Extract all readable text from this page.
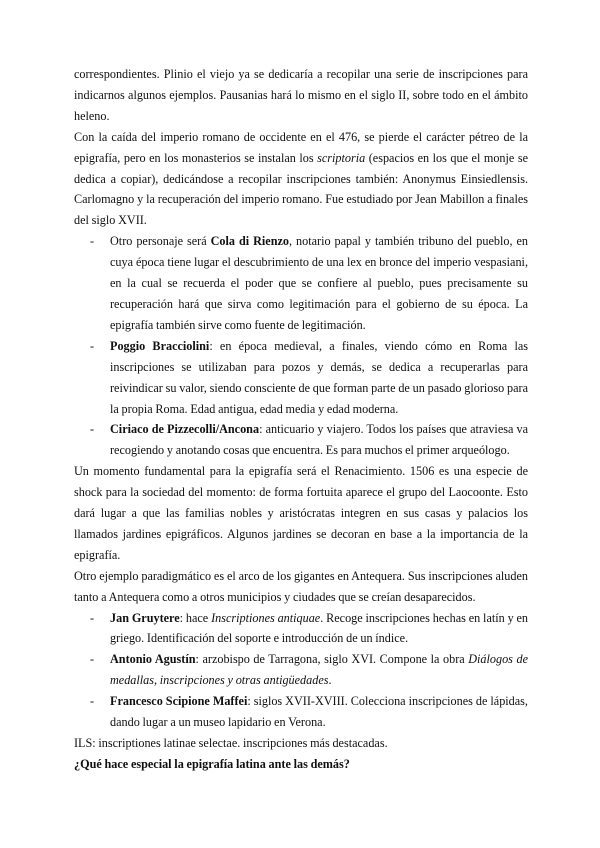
correspondientes. Plinio el viejo ya se dedicaría a recopilar una serie de inscripciones para indicarnos algunos ejemplos. Pausanias hará lo mismo en el siglo II, sobre todo en el ámbito heleno.

Con la caída del imperio romano de occidente en el 476, se pierde el carácter pétreo de la epigrafía, pero en los monasterios se instalan los scriptoria (espacios en los que el monje se dedica a copiar), dedicándose a recopilar inscripciones también: Anonymus Einsiedlensis. Carlomagno y la recuperación del imperio romano. Fue estudiado por Jean Mabillon a finales del siglo XVII.

- Otro personaje será Cola di Rienzo, notario papal y también tribuno del pueblo, en cuya época tiene lugar el descubrimiento de una lex en bronce del imperio vespasiani, en la cual se recuerda el poder que se confiere al pueblo, pues precisamente su recuperación hará que sirva como legitimación para el gobierno de su época. La epigrafía también sirve como fuente de legitimación.
- Poggio Bracciolini: en época medieval, a finales, viendo cómo en Roma las inscripciones se utilizaban para pozos y demás, se dedica a recuperarlas para reivindicar su valor, siendo consciente de que forman parte de un pasado glorioso para la propia Roma. Edad antigua, edad media y edad moderna.
- Ciriaco de Pizzecolli/Ancona: anticuario y viajero. Todos los países que atraviesa va recogiendo y anotando cosas que encuentra. Es para muchos el primer arqueólogo.

Un momento fundamental para la epigrafía será el Renacimiento. 1506 es una especie de shock para la sociedad del momento: de forma fortuita aparece el grupo del Laocoonte. Esto dará lugar a que las familias nobles y aristócratas integren en sus casas y palacios los llamados jardines epigráficos. Algunos jardines se decoran en base a la importancia de la epigrafía.

Otro ejemplo paradigmático es el arco de los gigantes en Antequera. Sus inscripciones aluden tanto a Antequera como a otros municipios y ciudades que se creían desaparecidos.

- Jan Gruytere: hace Inscriptiones antiquae. Recoge inscripciones hechas en latín y en griego. Identificación del soporte e introducción de un índice.
- Antonio Agustín: arzobispo de Tarragona, siglo XVI. Compone la obra Diálogos de medallas, inscripciones y otras antigüedades.
- Francesco Scipione Maffei: siglos XVII-XVIII. Colecciona inscripciones de lápidas, dando lugar a un museo lapidario en Verona.

ILS: inscriptiones latinae selectae. inscripciones más destacadas.

¿Qué hace especial la epigrafía latina ante las demás?
